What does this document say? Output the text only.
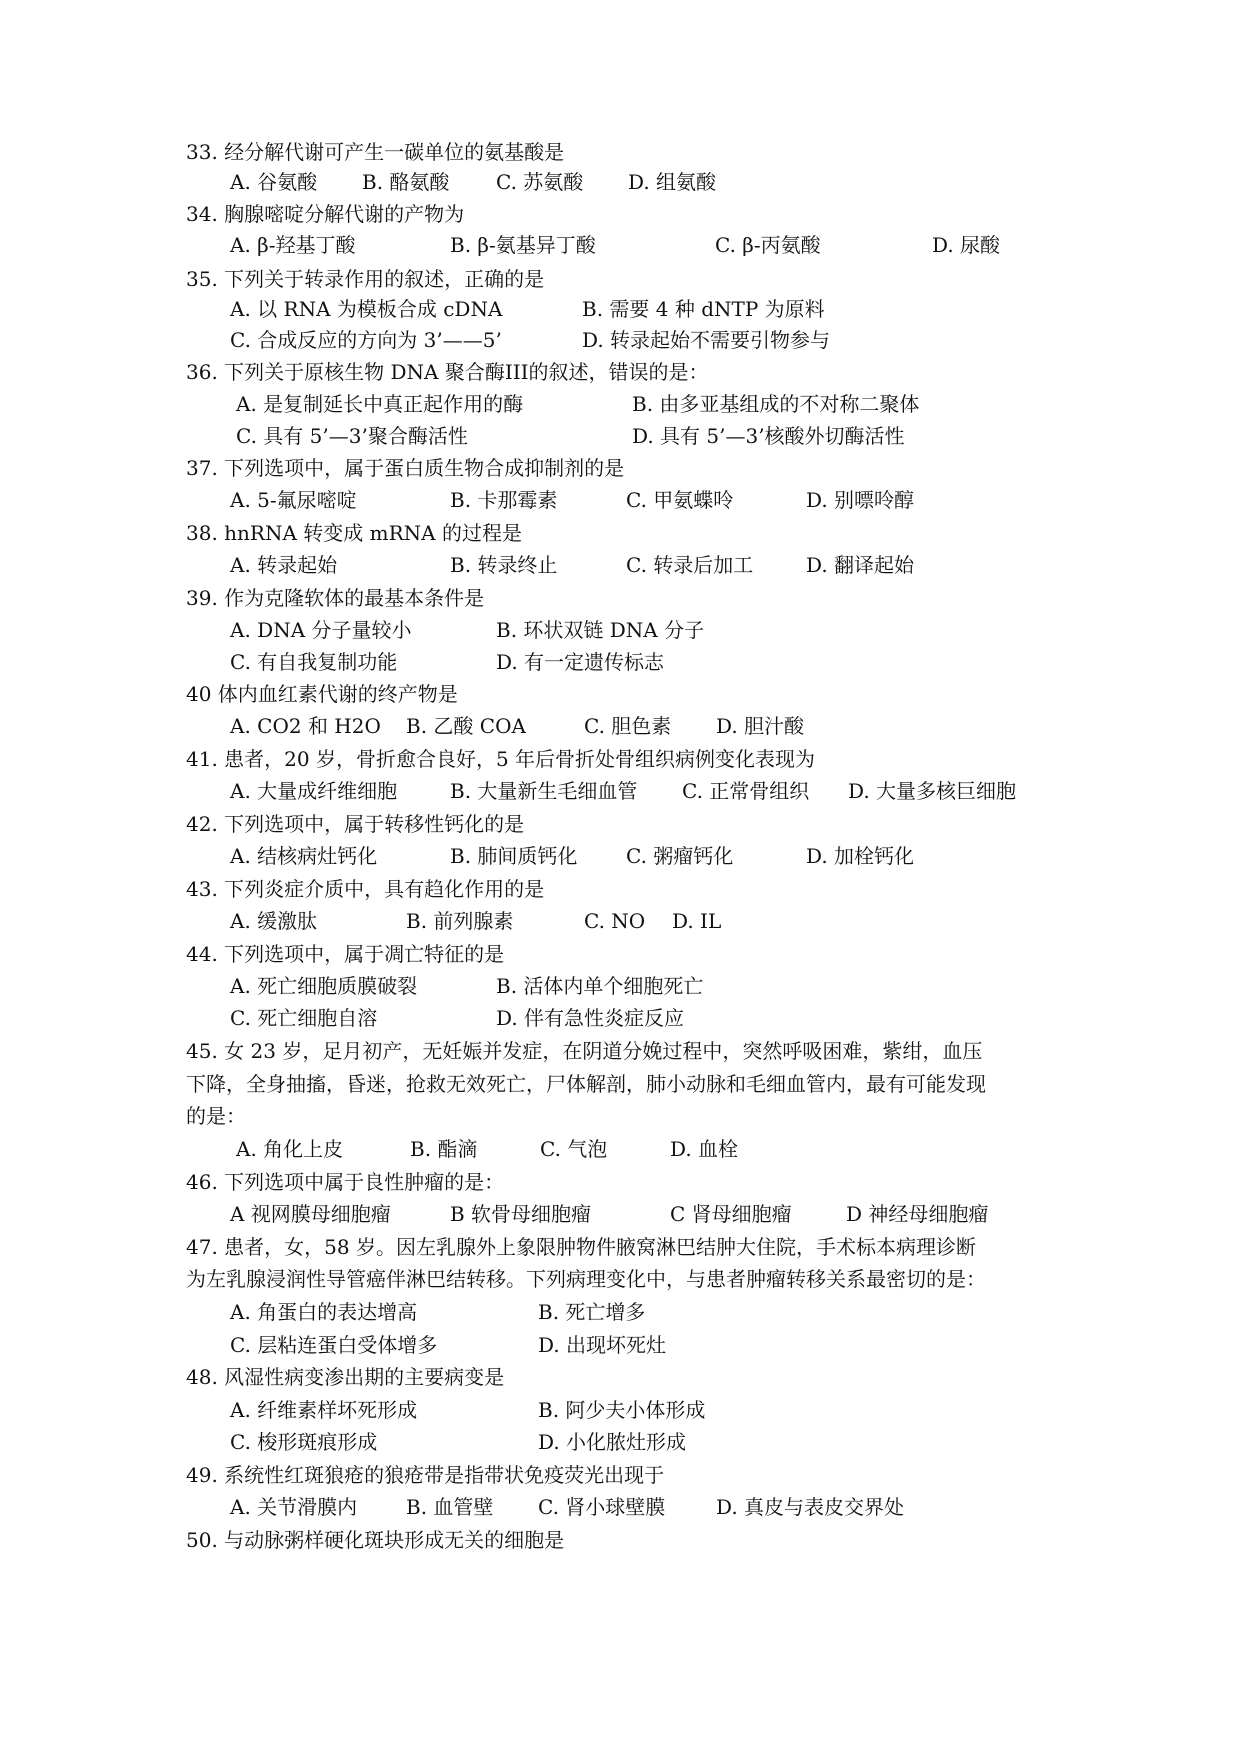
33. 经分解代谢可产生一碳单位的氨基酸是

A. 谷氨酸

B. 酪氨酸

C. 苏氨酸

D. 组氨酸

34. 胸腺嘧啶分解代谢的产物为

A. β-羟基丁酸

	B. β-氨基异丁酸

	C. β-丙氨酸

	D. 尿酸

35. 下列关于转录作用的叙述，正确的是

A. 以 RNA 为模板合成 cDNA

	B. 需要 4 种 dNTP 为原料

C. 合成反应的方向为 3’——5’

	D. 转录起始不需要引物参与

36. 下列关于原核生物 DNA 聚合酶III的叙述，错误的是：

A. 是复制延长中真正起作用的酶

	B. 由多亚基组成的不对称二聚体

C. 具有 5’—3’聚合酶活性

	D. 具有 5’—3’核酸外切酶活性

37. 下列选项中，属于蛋白质生物合成抑制剂的是

A. 5-氟尿嘧啶

	B. 卡那霉素

	C. 甲氨蝶呤

	D. 别嘌呤醇

38. hnRNA 转变成 mRNA 的过程是

A. 转录起始

	B. 转录终止

	C. 转录后加工

	D. 翻译起始

39. 作为克隆软体的最基本条件是

A. DNA 分子量较小

	B. 环状双链 DNA 分子

C. 有自我复制功能

	D. 有一定遗传标志

40 体内血红素代谢的终产物是

A. CO2 和 H2O

B. 乙酸 COA

	C. 胆色素

D. 胆汁酸

41. 患者，20 岁，骨折愈合良好，5 年后骨折处骨组织病例变化表现为

A. 大量成纤维细胞

	B. 大量新生毛细血管

C. 正常骨组织

D. 大量多核巨细胞

42. 下列选项中，属于转移性钙化的是

A. 结核病灶钙化

	B. 肺间质钙化

C. 粥瘤钙化

	D. 加栓钙化

43. 下列炎症介质中，具有趋化作用的是

A. 缓激肽

	B. 前列腺素

	C. NO

D. IL

44. 下列选项中，属于凋亡特征的是

A. 死亡细胞质膜破裂

	B. 活体内单个细胞死亡

C. 死亡细胞自溶

	D. 伴有急性炎症反应

45. 女 23 岁，足月初产，无妊娠并发症，在阴道分娩过程中，突然呼吸困难，紫绀，血压

下降，全身抽搐，昏迷，抢救无效死亡，尸体解剖，肺小动脉和毛细血管内，最有可能发现

的是：

A. 角化上皮

	B. 酯滴

	C. 气泡

	D. 血栓

46. 下列选项中属于良性肿瘤的是：

A 视网膜母细胞瘤

	B 软骨母细胞瘤

	C 肾母细胞瘤

	D 神经母细胞瘤

47. 患者，女，58 岁。因左乳腺外上象限肿物件腋窝淋巴结肿大住院，手术标本病理诊断

为左乳腺浸润性导管癌伴淋巴结转移。下列病理变化中，与患者肿瘤转移关系最密切的是：

A. 角蛋白的表达增高

	B. 死亡增多

C. 层粘连蛋白受体增多

	D. 出现坏死灶

48. 风湿性病变渗出期的主要病变是

A. 纤维素样坏死形成

	B. 阿少夫小体形成

C. 梭形斑痕形成

	D. 小化脓灶形成

49. 系统性红斑狼疮的狼疮带是指带状免疫荧光出现于

A. 关节滑膜内

B. 血管壁

C. 肾小球壁膜

	D. 真皮与表皮交界处

50. 与动脉粥样硬化斑块形成无关的细胞是
